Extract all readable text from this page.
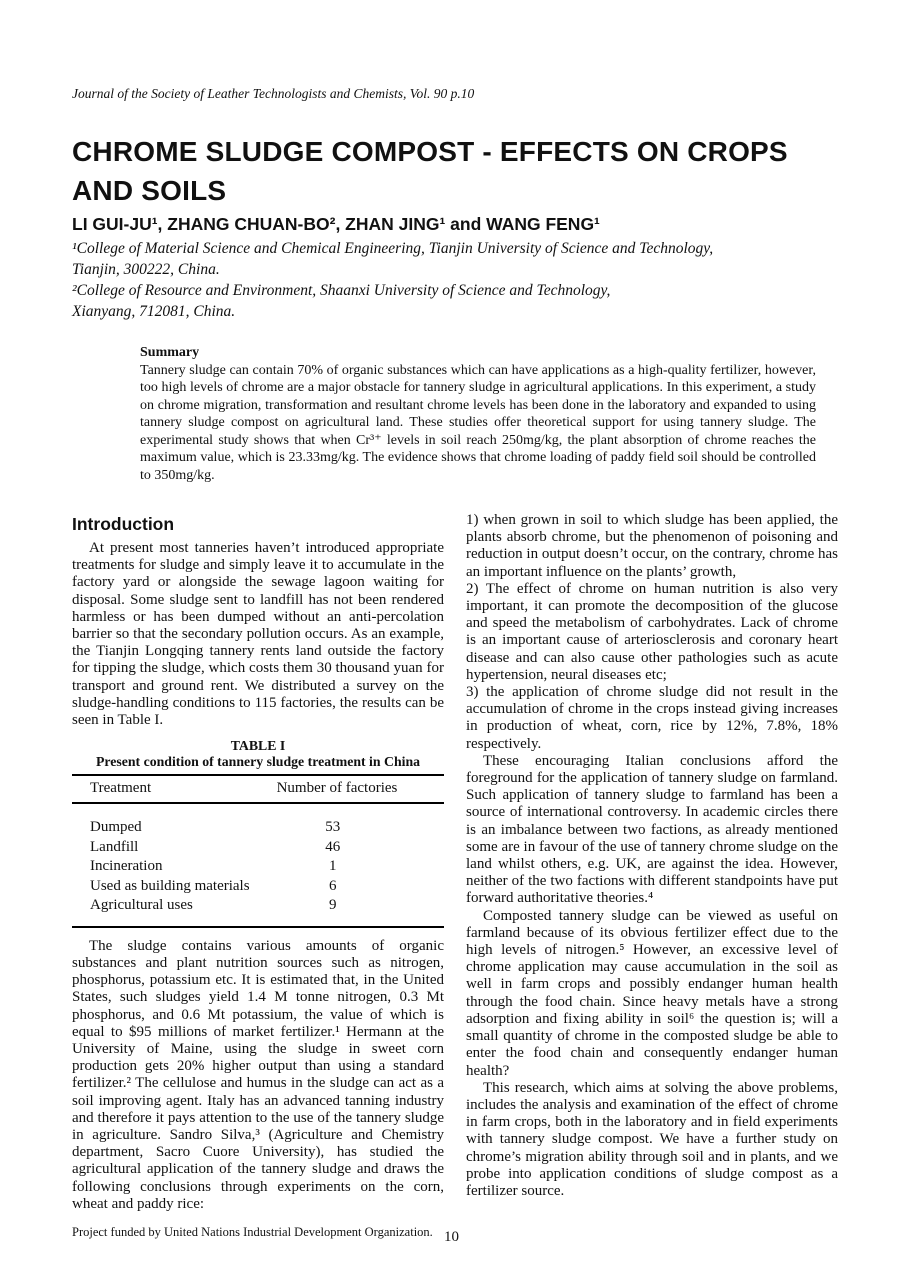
Journal of the Society of Leather Technologists and Chemists, Vol. 90 p.10
CHROME SLUDGE COMPOST - EFFECTS ON CROPS AND SOILS
LI GUI-JU¹, ZHANG CHUAN-BO², ZHAN JING¹ and WANG FENG¹
¹College of Material Science and Chemical Engineering, Tianjin University of Science and Technology,
Tianjin, 300222, China.
²College of Resource and Environment, Shaanxi University of Science and Technology,
Xianyang, 712081, China.
Summary
Tannery sludge can contain 70% of organic substances which can have applications as a high-quality fertilizer, however, too high levels of chrome are a major obstacle for tannery sludge in agricultural applications. In this experiment, a study on chrome migration, transformation and resultant chrome levels has been done in the laboratory and expanded to using tannery sludge compost on agricultural land. These studies offer theoretical support for using tannery sludge. The experimental study shows that when Cr³⁺ levels in soil reach 250mg/kg, the plant absorption of chrome reaches the maximum value, which is 23.33mg/kg. The evidence shows that chrome loading of paddy field soil should be controlled to 350mg/kg.
Introduction

At present most tanneries haven’t introduced appropriate treatments for sludge and simply leave it to accumulate in the factory yard or alongside the sewage lagoon waiting for disposal. Some sludge sent to landfill has not been rendered harmless or has been dumped without an anti-percolation barrier so that the secondary pollution occurs. As an example, the Tianjin Longqing tannery rents land outside the factory for tipping the sludge, which costs them 30 thousand yuan for transport and ground rent. We distributed a survey on the sludge-handling conditions to 115 factories, the results can be seen in Table I.

TABLE I
Present condition of tannery sludge treatment in China
Treatment	Number of factories
Dumped	53
Landfill	46
Incineration	1
Used as building materials	6
Agricultural uses	9

The sludge contains various amounts of organic substances and plant nutrition sources such as nitrogen, phosphorus, potassium etc. It is estimated that, in the United States, such sludges yield 1.4 M tonne nitrogen, 0.3 Mt phosphorus, and 0.6 Mt potassium, the value of which is equal to $95 millions of market fertilizer.¹ Hermann at the University of Maine, using the sludge in sweet corn production gets 20% higher output than using a standard fertilizer.² The cellulose and humus in the sludge can act as a soil improving agent. Italy has an advanced tanning industry and therefore it pays attention to the use of the tannery sludge in agriculture. Sandro Silva,³ (Agriculture and Chemistry department, Sacro Cuore University), has studied the agricultural application of the tannery sludge and draws the following conclusions through experiments on the corn, wheat and paddy rice:

Project funded by United Nations Industrial Development Organization.

1) when grown in soil to which sludge has been applied, the plants absorb chrome, but the phenomenon of poisoning and reduction in output doesn’t occur, on the contrary, chrome has an important influence on the plants’ growth,

2) The effect of chrome on human nutrition is also very important, it can promote the decomposition of the glucose and speed the metabolism of carbohydrates. Lack of chrome is an important cause of arteriosclerosis and coronary heart disease and can also cause other pathologies such as acute hypertension, neural diseases etc;

3) the application of chrome sludge did not result in the accumulation of chrome in the crops instead giving increases in production of wheat, corn, rice by 12%, 7.8%, 18% respectively.

These encouraging Italian conclusions afford the foreground for the application of tannery sludge on farmland. Such application of tannery sludge to farmland has been a source of international controversy. In academic circles there is an imbalance between two factions, as already mentioned some are in favour of the use of tannery chrome sludge on the land whilst others, e.g. UK, are against the idea. However, neither of the two factions with different standpoints have put forward authoritative theories.⁴

Composted tannery sludge can be viewed as useful on farmland because of its obvious fertilizer effect due to the high levels of nitrogen.⁵ However, an excessive level of chrome application may cause accumulation in the soil as well in farm crops and possibly endanger human health through the food chain. Since heavy metals have a strong adsorption and fixing ability in soil⁶ the question is; will a small quantity of chrome in the composted sludge be able to enter the food chain and consequently endanger human health?

This research, which aims at solving the above problems, includes the analysis and examination of the effect of chrome in farm crops, both in the laboratory and in field experiments with tannery sludge compost. We have a further study on chrome’s migration ability through soil and in plants, and we probe into application conditions of sludge compost as a fertilizer source.

10
